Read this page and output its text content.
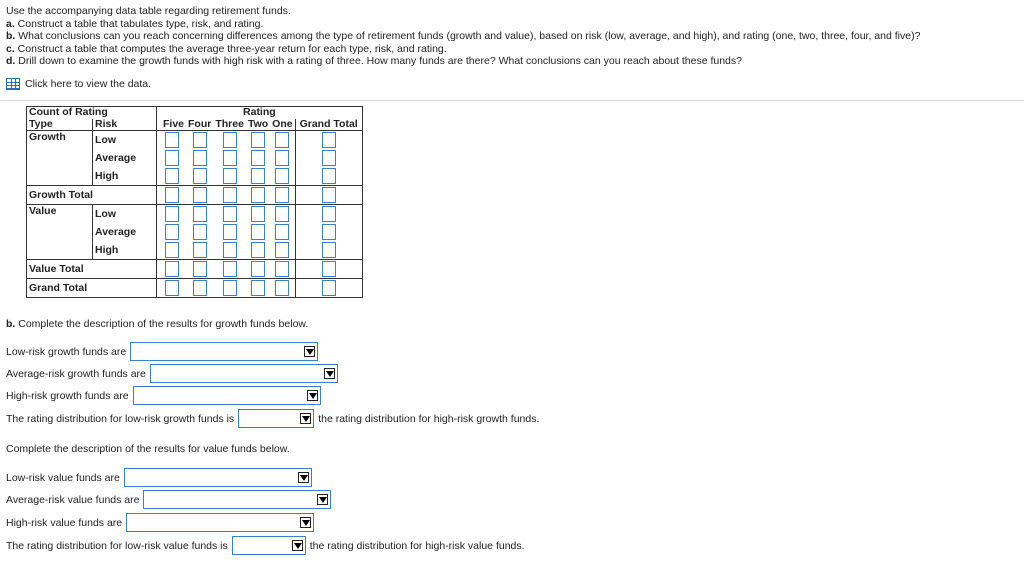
Use the accompanying data table regarding retirement funds.
a. Construct a table that tabulates type, risk, and rating.
b. What conclusions can you reach concerning differences among the type of retirement funds (growth and value), based on risk (low, average, and high), and rating (one, two, three, four, and five)?
c. Construct a table that computes the average three-year return for each type, risk, and rating.
d. Drill down to examine the growth funds with high risk with a rating of three. How many funds are there? What conclusions can you reach about these funds?
Click here to view the data.
Count of Rating		Rating					
Type	Risk	Five	Four	Three	Two	One	Grand Total
Growth	Low						
	Average						
	High						
Growth Total							
Value	Low						
	Average						
	High						
Value Total							
Grand Total							
b. Complete the description of the results for growth funds below.
Low-risk growth funds are
Average-risk growth funds are
High-risk growth funds are
The rating distribution for low-risk growth funds is	the rating distribution for high-risk growth funds.
Complete the description of the results for value funds below.
Low-risk value funds are
Average-risk value funds are
High-risk value funds are
The rating distribution for low-risk value funds is	the rating distribution for high-risk value funds.
